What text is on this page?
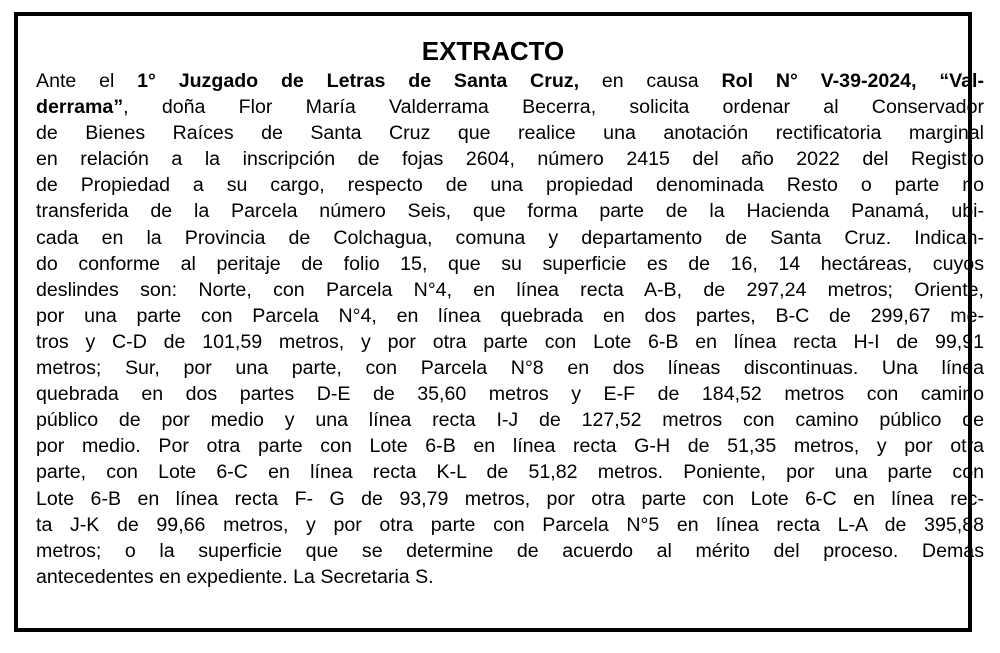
EXTRACTO
Ante el 1° Juzgado de Letras de Santa Cruz, en causa Rol N° V-39-2024, “Val-
derrama”, doña Flor María Valderrama Becerra, solicita ordenar al Conservador
de Bienes Raíces de Santa Cruz que realice una anotación rectificatoria marginal
en relación a la inscripción de fojas 2604, número 2415 del año 2022 del Registro
de Propiedad a su cargo, respecto de una propiedad denominada Resto o parte no
transferida de la Parcela número Seis, que forma parte de la Hacienda Panamá, ubi-
cada en la Provincia de Colchagua, comuna y departamento de Santa Cruz. Indican-
do conforme al peritaje de folio 15, que su superficie es de 16, 14 hectáreas, cuyos
deslindes son: Norte, con Parcela N°4, en línea recta A-B, de 297,24 metros; Oriente,
por una parte con Parcela N°4, en línea quebrada en dos partes, B-C de 299,67 me-
tros y C-D de 101,59 metros, y por otra parte con Lote 6-B en línea recta H-I de 99,91
metros; Sur, por una parte, con Parcela N°8 en dos líneas discontinuas. Una línea
quebrada en dos partes D-E de 35,60 metros y E-F de 184,52 metros con camino
público de por medio y una línea recta I-J de 127,52 metros con camino público de
por medio. Por otra parte con Lote 6-B en línea recta G-H de 51,35 metros, y por otra
parte, con Lote 6-C en línea recta K-L de 51,82 metros. Poniente, por una parte con
Lote 6-B en línea recta F- G de 93,79 metros, por otra parte con Lote 6-C en línea rec-
ta J-K de 99,66 metros, y por otra parte con Parcela N°5 en línea recta L-A de 395,88
metros; o la superficie que se determine de acuerdo al mérito del proceso. Demás
antecedentes en expediente. La Secretaria S.
